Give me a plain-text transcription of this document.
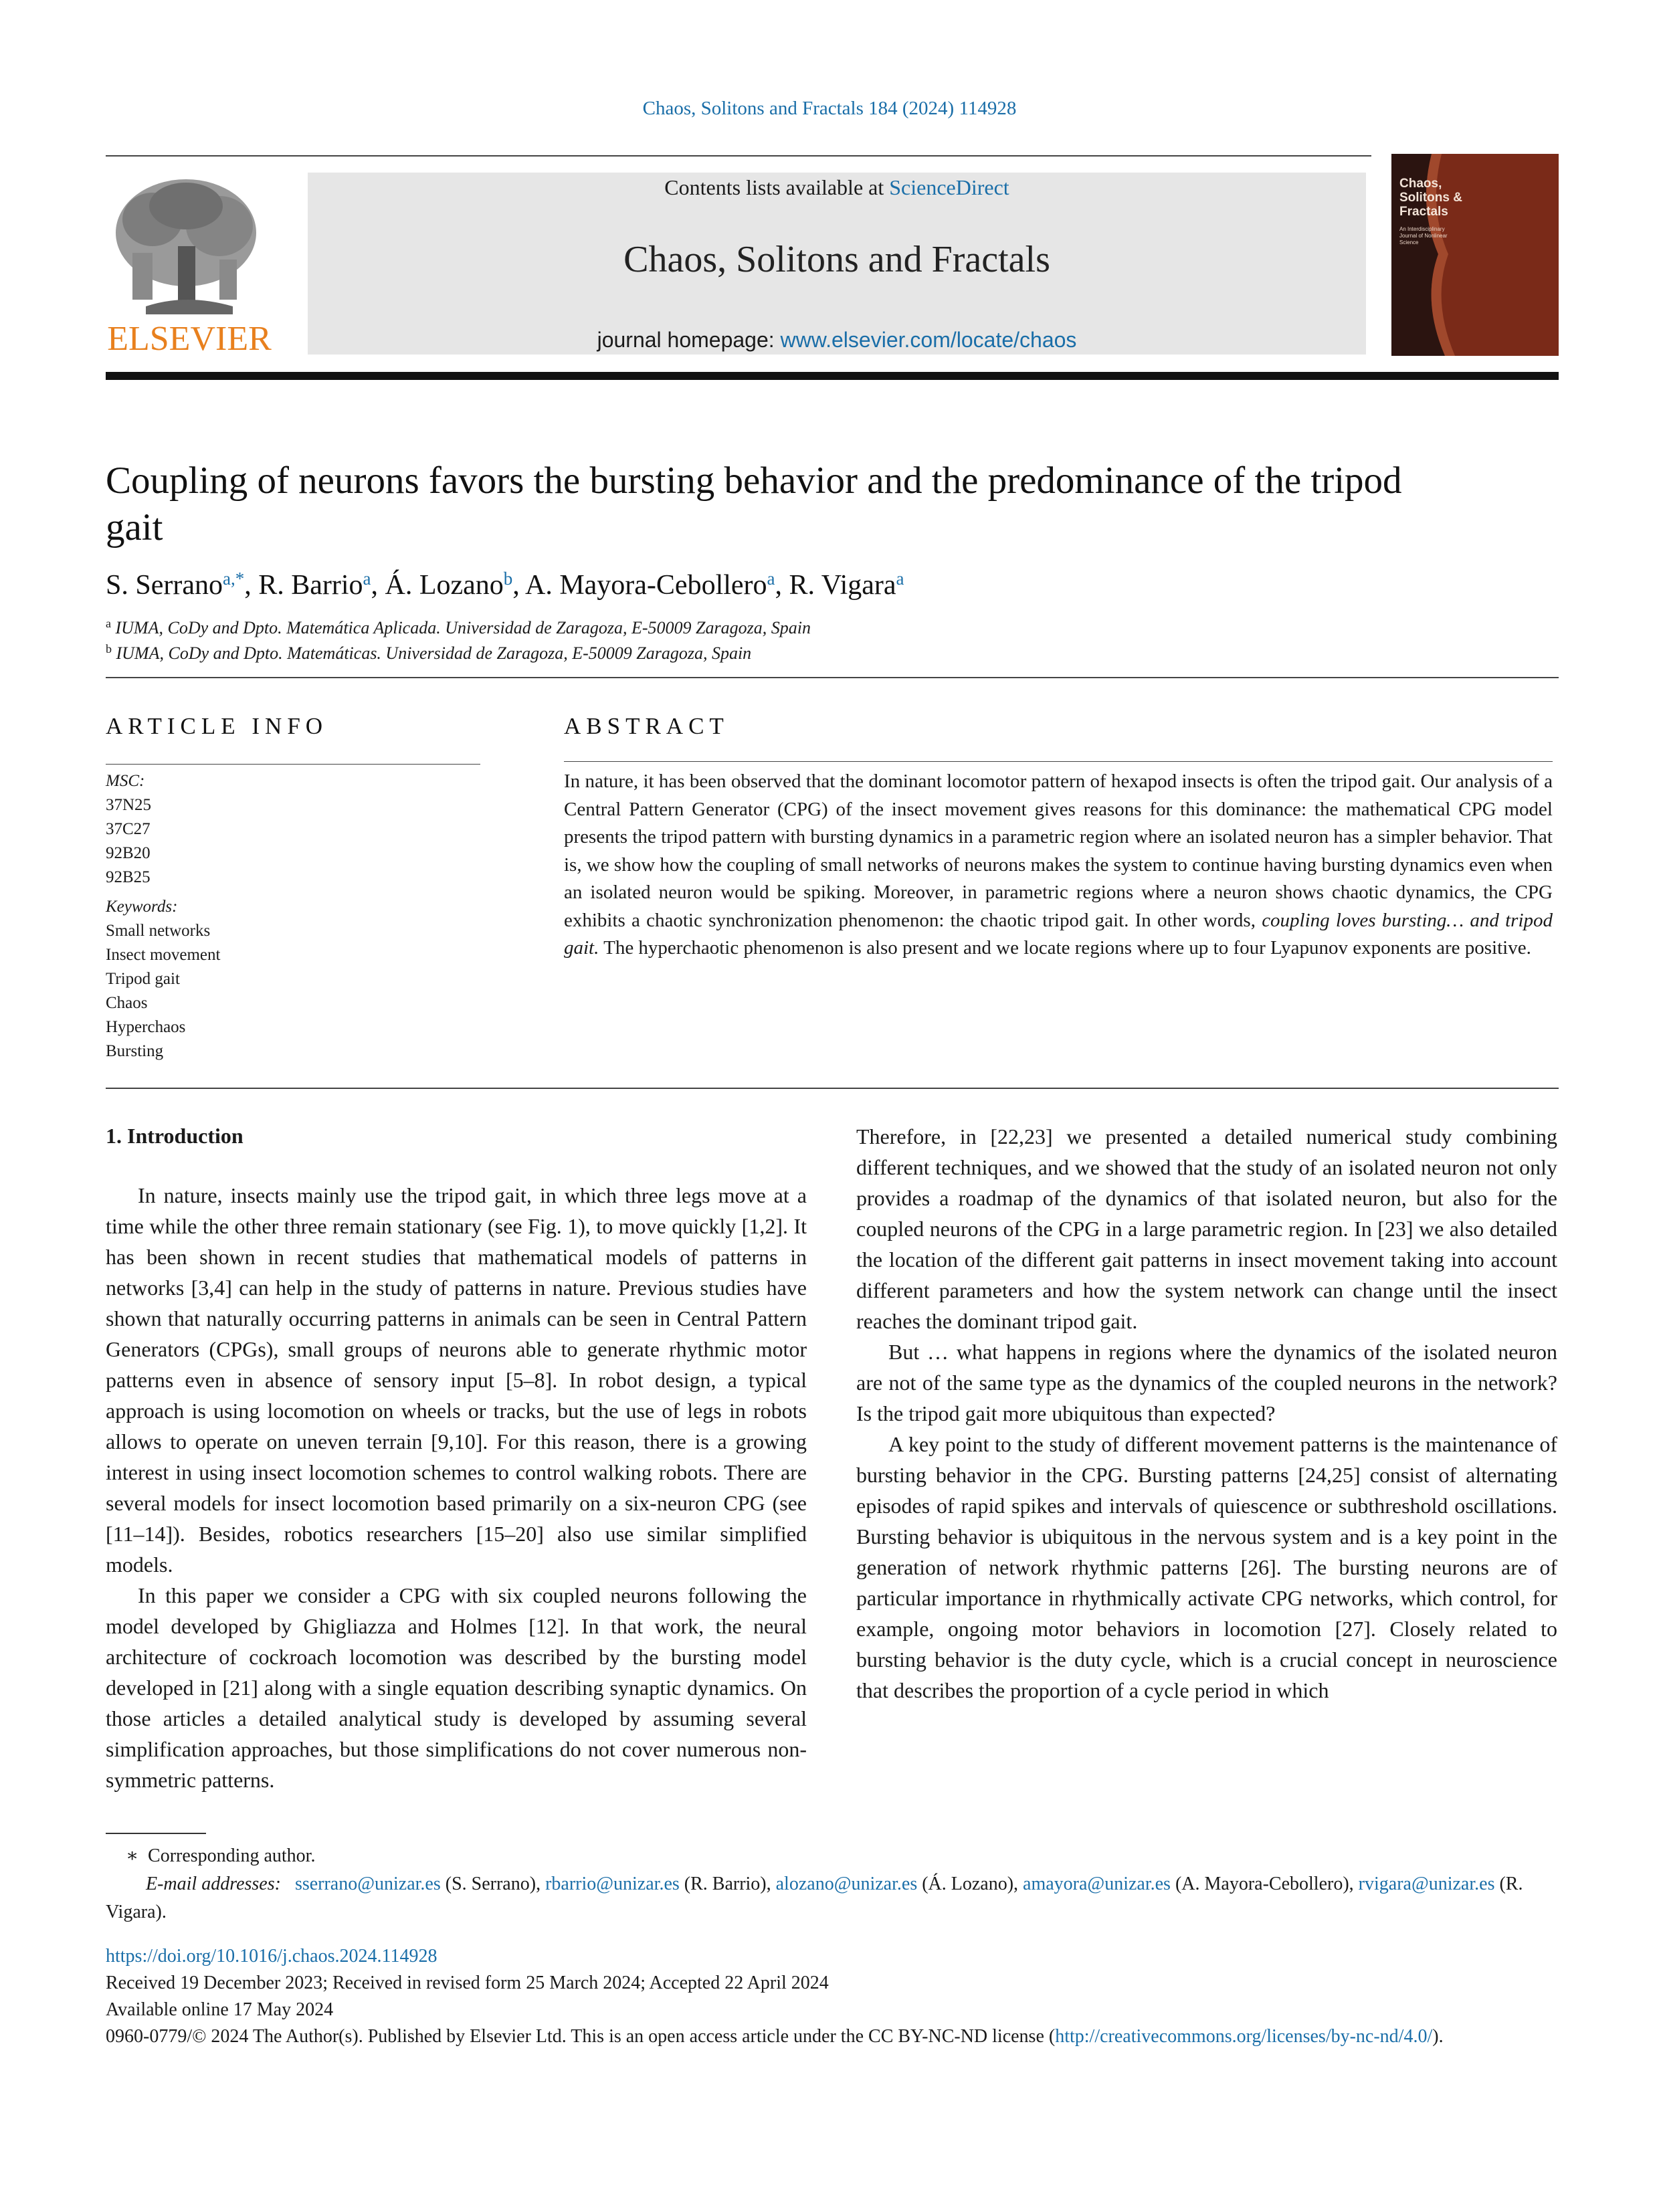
Chaos, Solitons and Fractals 184 (2024) 114928
ELSEVIER
Contents lists available at ScienceDirect
Chaos, Solitons and Fractals
journal homepage: www.elsevier.com/locate/chaos
Chaos, Solitons & Fractals
An Interdisciplinary Journal of Nonlinear Science
Coupling of neurons favors the bursting behavior and the predominance of the tripod gait
S. Serrano$^{a,*}$, R. Barrio$^a$, Á. Lozano$^b$, A. Mayora-Cebollero$^a$, R. Vigara$^a$
$^a$ IUMA, CoDy and Dpto. Matemática Aplicada. Universidad de Zaragoza, E-50009 Zaragoza, Spain
$^b$ IUMA, CoDy and Dpto. Matemáticas. Universidad de Zaragoza, E-50009 Zaragoza, Spain
ARTICLE INFO	ABSTRACT
MSC:
37N25
37C27
92B20
92B25
Keywords:
Small networks
Insect movement
Tripod gait
Chaos
Hyperchaos
Bursting
In nature, it has been observed that the dominant locomotor pattern of hexapod insects is often the tripod gait. Our analysis of a Central Pattern Generator (CPG) of the insect movement gives reasons for this dominance: the mathematical CPG model presents the tripod pattern with bursting dynamics in a parametric region where an isolated neuron has a simpler behavior. That is, we show how the coupling of small networks of neurons makes the system to continue having bursting dynamics even when an isolated neuron would be spiking. Moreover, in parametric regions where a neuron shows chaotic dynamics, the CPG exhibits a chaotic synchronization phenomenon: the chaotic tripod gait. In other words, coupling loves bursting… and tripod gait. The hyperchaotic phenomenon is also present and we locate regions where up to four Lyapunov exponents are positive.
1. Introduction

In nature, insects mainly use the tripod gait, in which three legs move at a time while the other three remain stationary (see Fig. 1), to move quickly [1,2]. It has been shown in recent studies that mathematical models of patterns in networks [3,4] can help in the study of patterns in nature. Previous studies have shown that naturally occurring patterns in animals can be seen in Central Pattern Generators (CPGs), small groups of neurons able to generate rhythmic motor patterns even in absence of sensory input [5–8]. In robot design, a typical approach is using locomotion on wheels or tracks, but the use of legs in robots allows to operate on uneven terrain [9,10]. For this reason, there is a growing interest in using insect locomotion schemes to control walking robots. There are several models for insect locomotion based primarily on a six-neuron CPG (see [11–14]). Besides, robotics researchers [15–20] also use similar simplified models.

In this paper we consider a CPG with six coupled neurons following the model developed by Ghigliazza and Holmes [12]. In that work, the neural architecture of cockroach locomotion was described by the bursting model developed in [21] along with a single equation describing synaptic dynamics. On those articles a detailed analytical study is developed by assuming several simplification approaches, but those simplifications do not cover numerous non-symmetric patterns.

Therefore, in [22,23] we presented a detailed numerical study combining different techniques, and we showed that the study of an isolated neuron not only provides a roadmap of the dynamics of that isolated neuron, but also for the coupled neurons of the CPG in a large parametric region. In [23] we also detailed the location of the different gait patterns in insect movement taking into account different parameters and how the system network can change until the insect reaches the dominant tripod gait.

But … what happens in regions where the dynamics of the isolated neuron are not of the same type as the dynamics of the coupled neurons in the network? Is the tripod gait more ubiquitous than expected?

A key point to the study of different movement patterns is the maintenance of bursting behavior in the CPG. Bursting patterns [24,25] consist of alternating episodes of rapid spikes and intervals of quiescence or subthreshold oscillations. Bursting behavior is ubiquitous in the nervous system and is a key point in the generation of network rhythmic patterns [26]. The bursting neurons are of particular importance in rhythmically activate CPG networks, which control, for example, ongoing motor behaviors in locomotion [27]. Closely related to bursting behavior is the duty cycle, which is a crucial concept in neuroscience that describes the proportion of a cycle period in which

∗  Corresponding author.
E-mail addresses: sserrano@unizar.es (S. Serrano), rbarrio@unizar.es (R. Barrio), alozano@unizar.es (Á. Lozano), amayora@unizar.es (A. Mayora-Cebollero), rvigara@unizar.es (R. Vigara).
https://doi.org/10.1016/j.chaos.2024.114928
Received 19 December 2023; Received in revised form 25 March 2024; Accepted 22 April 2024
Available online 17 May 2024
0960-0779/© 2024 The Author(s). Published by Elsevier Ltd. This is an open access article under the CC BY-NC-ND license (http://creativecommons.org/licenses/by-nc-nd/4.0/).
